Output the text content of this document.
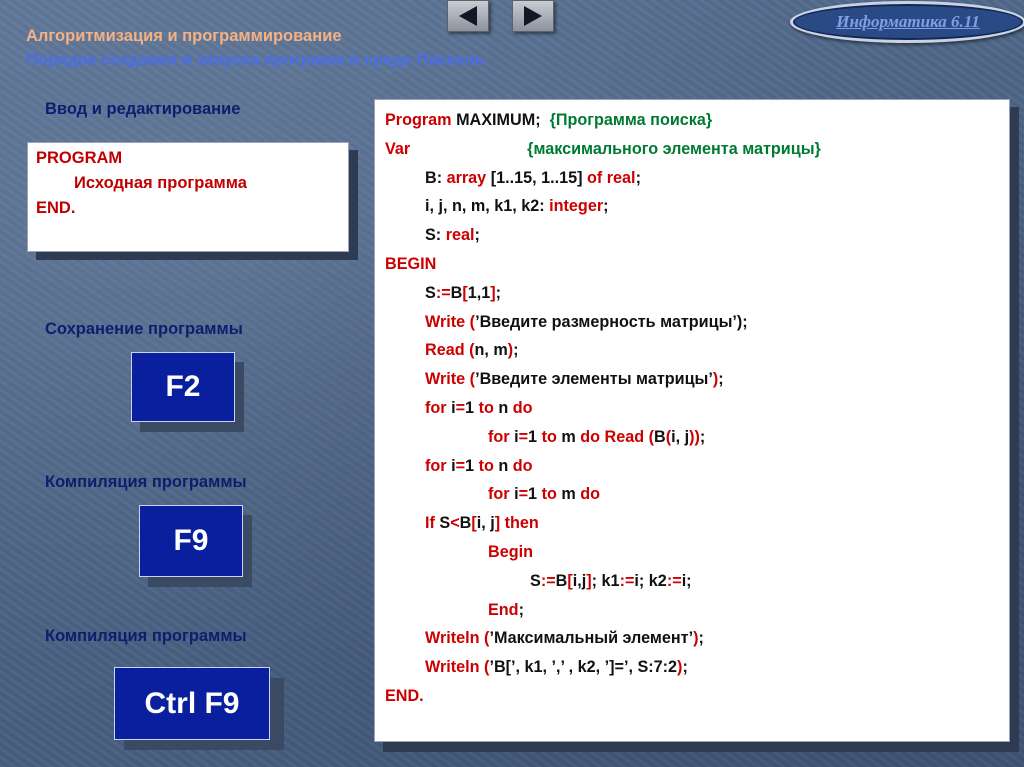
Информатика 6.11

Алгоритмизация и программирование

Порядок создания и запуска программ в среде Паскаль

Ввод и редактирование

PROGRAM

Исходная программа

END.

Сохранение программы

F2

Компиляция программы

F9

Компиляция программы

Ctrl F9
Program MAXIMUM;  {Программа поиска}
Var	{максимального элемента матрицы}
B: array [1..15, 1..15] of real;
i, j, n, m, k1, k2: integer;
S: real;
BEGIN
S:=B[1,1];
Write (’Введите размерность матрицы’);
Read (n, m);
Write (’Введите элементы матрицы’);
for i=1 to n do
for i=1 to m do Read (B(i, j));
for i=1 to n do
for i=1 to m do
If S<B[i, j] then
Begin
S:=B[i,j]; k1:=i; k2:=i;
End;
Writeln (’Максимальный элемент’);
Writeln (’B[’, k1, ’,’ , k2, ’]=’, S:7:2);
END.
